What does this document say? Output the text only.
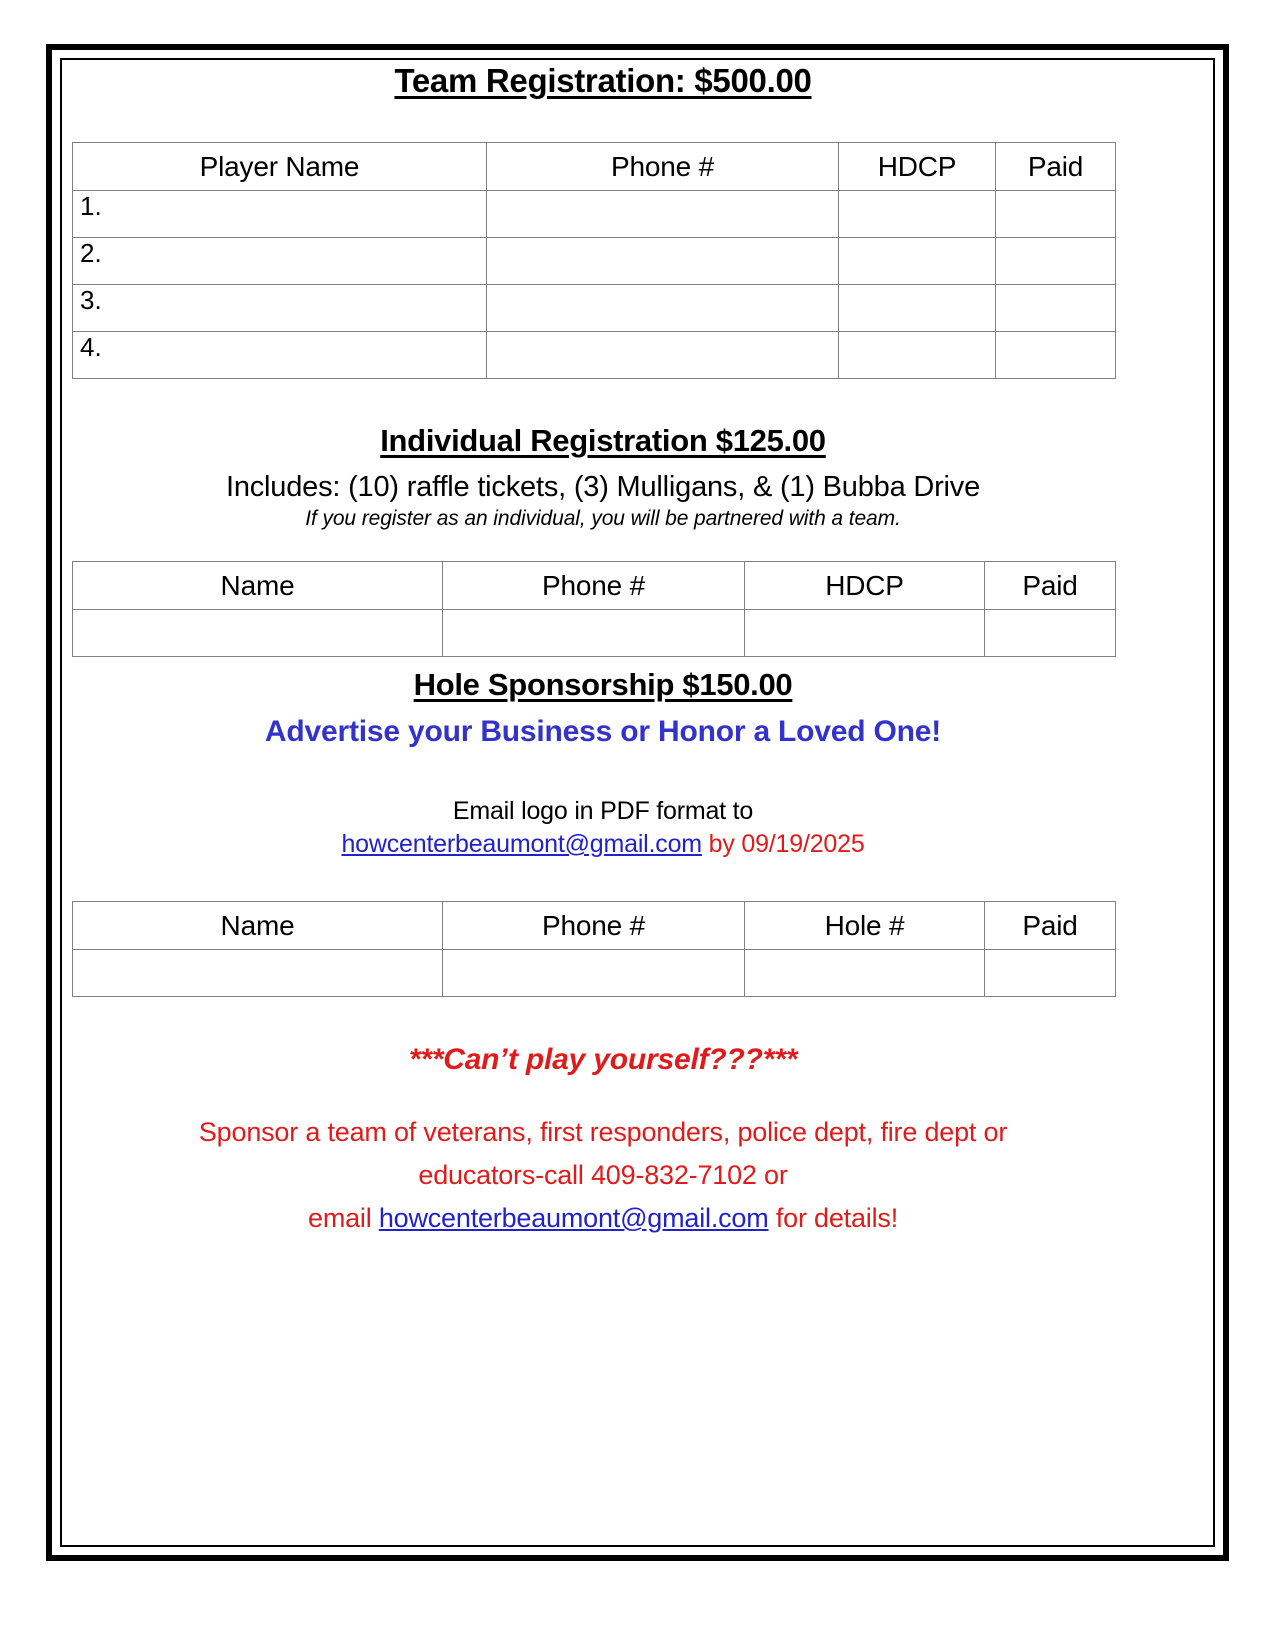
Team Registration: $500.00
Player Name	Phone #	HDCP	Paid
1.			
2.			
3.			
4.			
Individual Registration $125.00
Includes: (10) raffle tickets, (3) Mulligans, & (1) Bubba Drive
If you register as an individual, you will be partnered with a team.
Name	Phone #	HDCP	Paid

Hole Sponsorship $150.00
Advertise your Business or Honor a Loved One!
Email logo in PDF format to
howcenterbeaumont@gmail.com by 09/19/2025
Name	Phone #	Hole #	Paid

***Can’t play yourself???***
Sponsor a team of veterans, first responders, police dept, fire dept or
educators-call 409-832-7102 or
email howcenterbeaumont@gmail.com for details!
